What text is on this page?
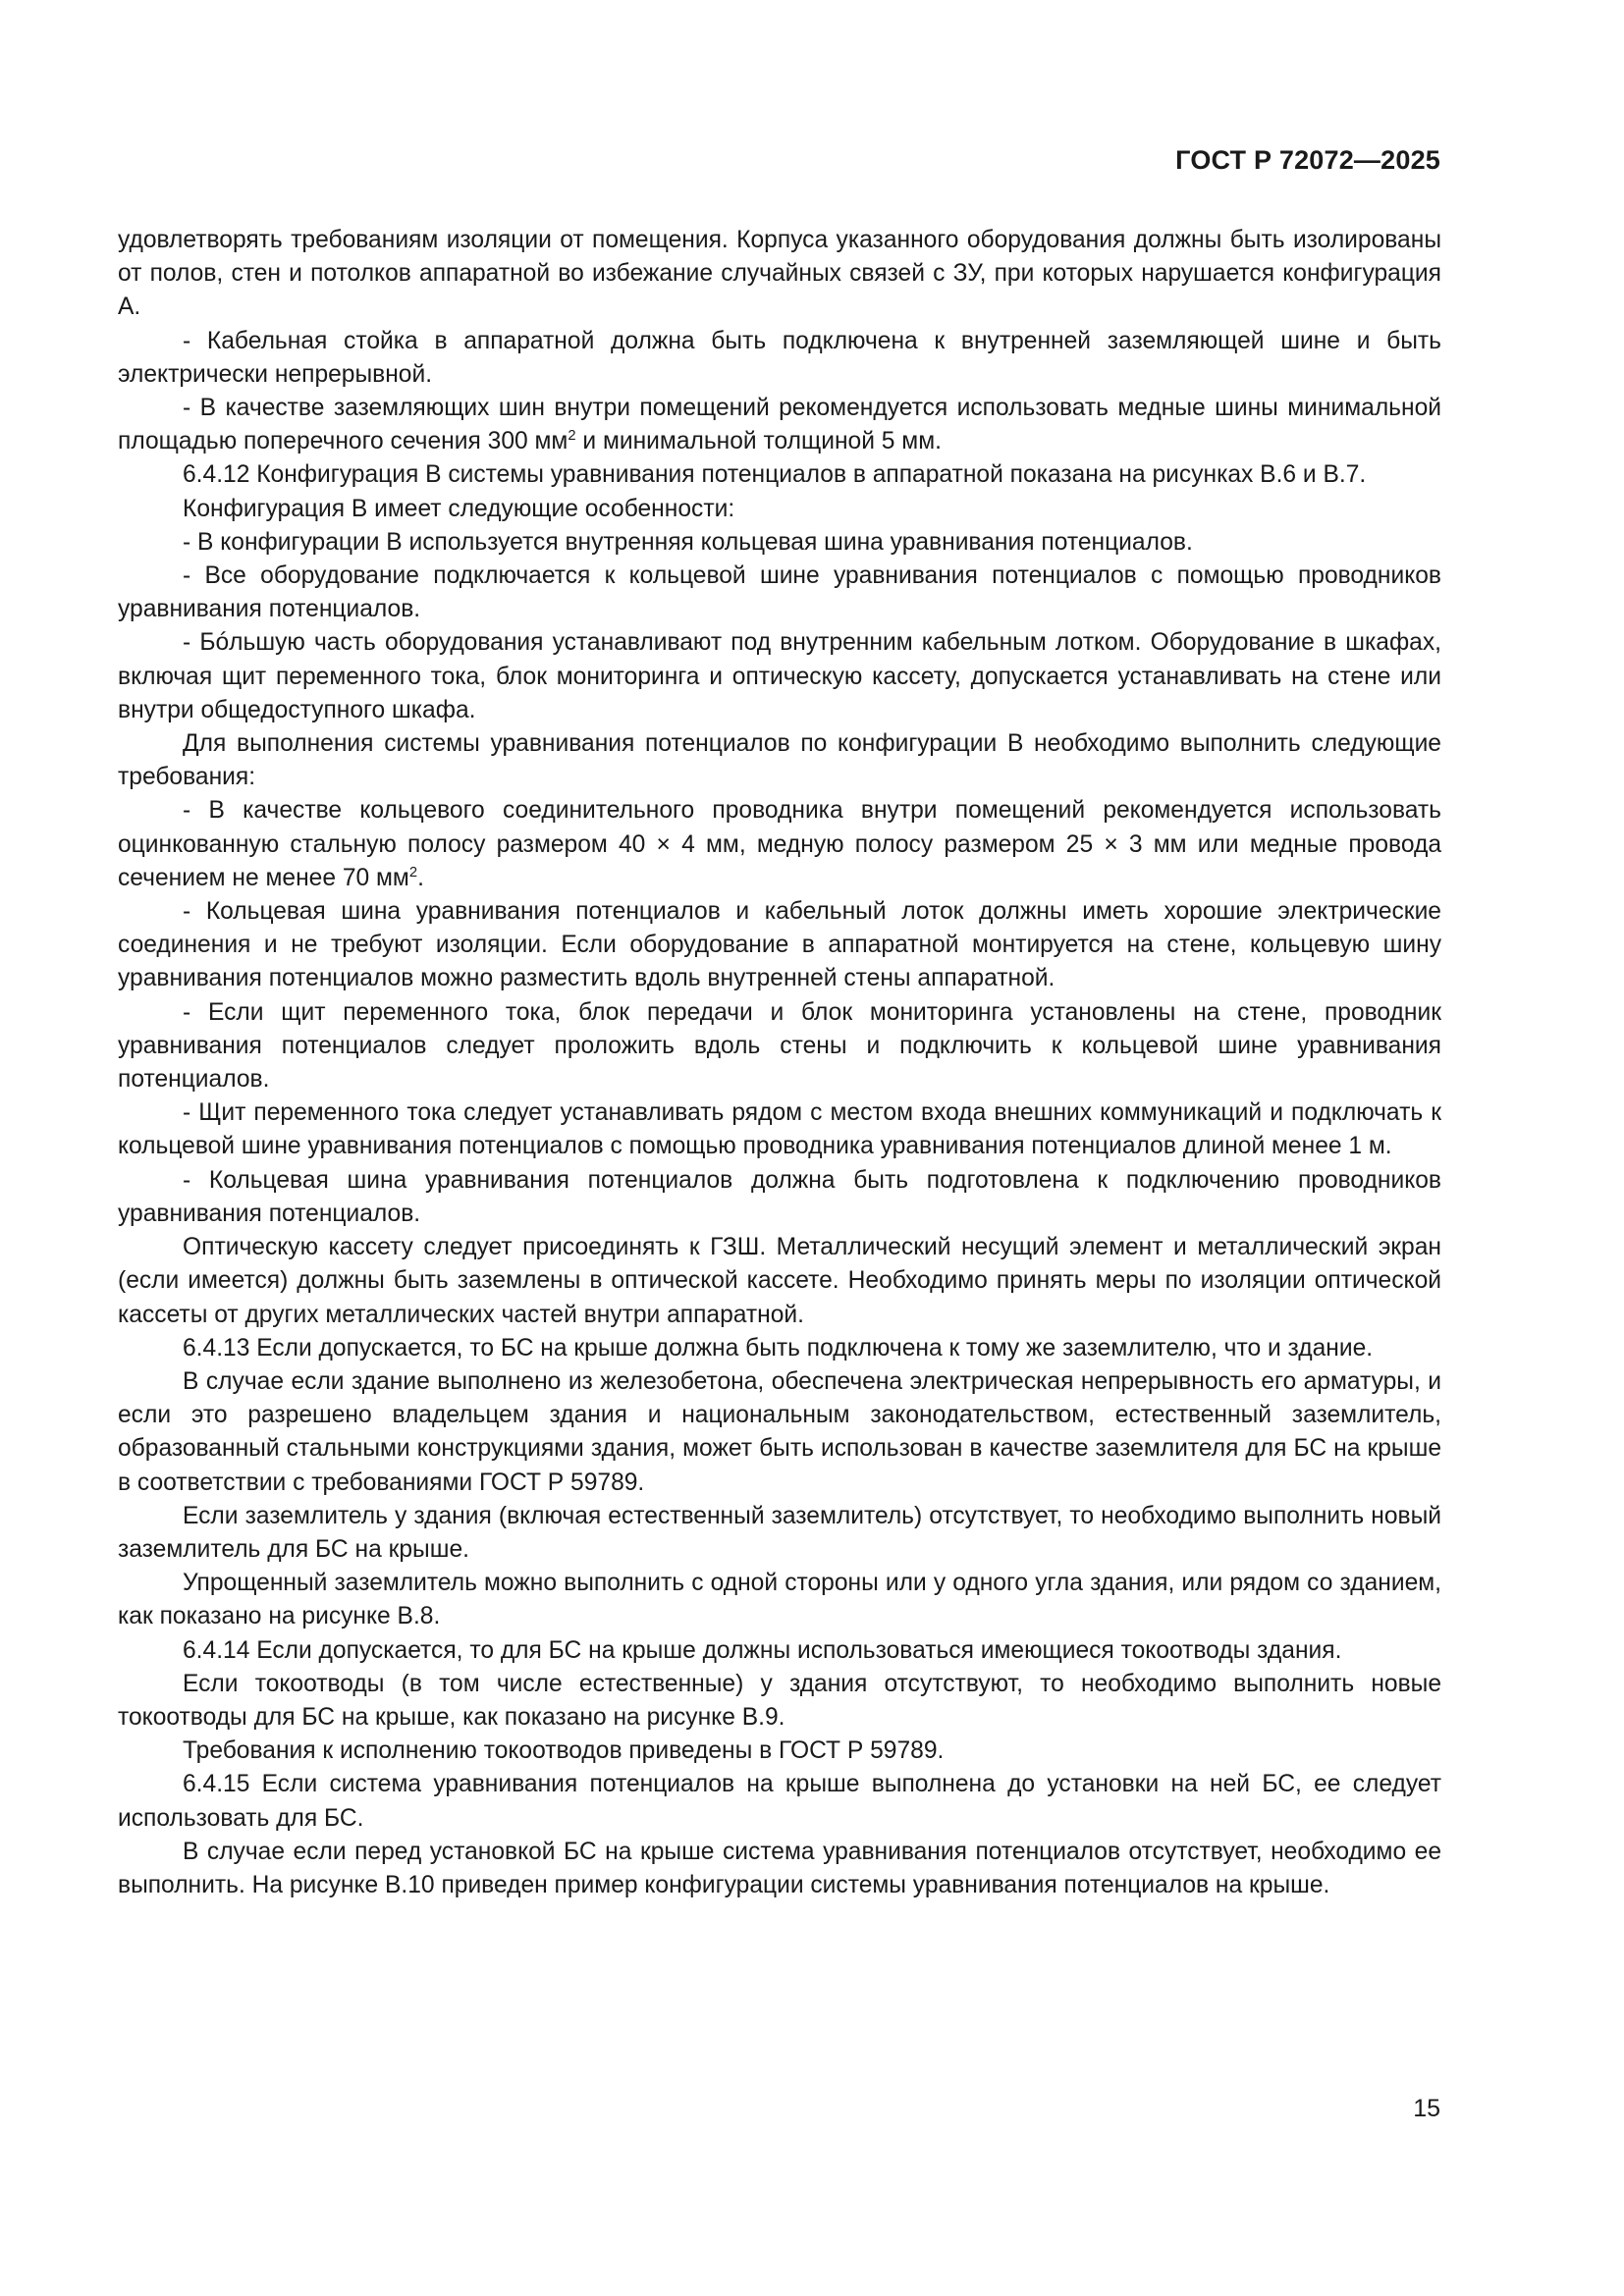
ГОСТ Р 72072—2025

удовлетворять требованиям изоляции от помещения. Корпуса указанного оборудования должны быть изолированы от полов, стен и потолков аппаратной во избежание случайных связей с ЗУ, при которых нарушается конфигурация А.

- Кабельная стойка в аппаратной должна быть подключена к внутренней заземляющей шине и быть электрически непрерывной.

- В качестве заземляющих шин внутри помещений рекомендуется использовать медные шины минимальной площадью поперечного сечения 300 $мм^2$ и минимальной толщиной 5 мм.

6.4.12 Конфигурация B системы уравнивания потенциалов в аппаратной показана на рисунках В.6 и В.7.

Конфигурация B имеет следующие особенности:

- В конфигурации B используется внутренняя кольцевая шина уравнивания потенциалов.

- Все оборудование подключается к кольцевой шине уравнивания потенциалов с помощью проводников уравнивания потенциалов.

- Бóльшую часть оборудования устанавливают под внутренним кабельным лотком. Оборудование в шкафах, включая щит переменного тока, блок мониторинга и оптическую кассету, допускается устанавливать на стене или внутри общедоступного шкафа.

Для выполнения системы уравнивания потенциалов по конфигурации B необходимо выполнить следующие требования:

- В качестве кольцевого соединительного проводника внутри помещений рекомендуется использовать оцинкованную стальную полосу размером 40 × 4 мм, медную полосу размером 25 × 3 мм или медные провода сечением не менее 70 $мм^2$.

- Кольцевая шина уравнивания потенциалов и кабельный лоток должны иметь хорошие электрические соединения и не требуют изоляции. Если оборудование в аппаратной монтируется на стене, кольцевую шину уравнивания потенциалов можно разместить вдоль внутренней стены аппаратной.

- Если щит переменного тока, блок передачи и блок мониторинга установлены на стене, проводник уравнивания потенциалов следует проложить вдоль стены и подключить к кольцевой шине уравнивания потенциалов.

- Щит переменного тока следует устанавливать рядом с местом входа внешних коммуникаций и подключать к кольцевой шине уравнивания потенциалов с помощью проводника уравнивания потенциалов длиной менее 1 м.

- Кольцевая шина уравнивания потенциалов должна быть подготовлена к подключению проводников уравнивания потенциалов.

Оптическую кассету следует присоединять к ГЗШ. Металлический несущий элемент и металлический экран (если имеется) должны быть заземлены в оптической кассете. Необходимо принять меры по изоляции оптической кассеты от других металлических частей внутри аппаратной.

6.4.13 Если допускается, то БС на крыше должна быть подключена к тому же заземлителю, что и здание.

В случае если здание выполнено из железобетона, обеспечена электрическая непрерывность его арматуры, и если это разрешено владельцем здания и национальным законодательством, естественный заземлитель, образованный стальными конструкциями здания, может быть использован в качестве заземлителя для БС на крыше в соответствии с требованиями ГОСТ Р 59789.

Если заземлитель у здания (включая естественный заземлитель) отсутствует, то необходимо выполнить новый заземлитель для БС на крыше.

Упрощенный заземлитель можно выполнить с одной стороны или у одного угла здания, или рядом со зданием, как показано на рисунке В.8.

6.4.14 Если допускается, то для БС на крыше должны использоваться имеющиеся токоотводы здания.

Если токоотводы (в том числе естественные) у здания отсутствуют, то необходимо выполнить новые токоотводы для БС на крыше, как показано на рисунке В.9.

Требования к исполнению токоотводов приведены в ГОСТ Р 59789.

6.4.15 Если система уравнивания потенциалов на крыше выполнена до установки на ней БС, ее следует использовать для БС.

В случае если перед установкой БС на крыше система уравнивания потенциалов отсутствует, необходимо ее выполнить. На рисунке В.10 приведен пример конфигурации системы уравнивания потенциалов на крыше.

15
